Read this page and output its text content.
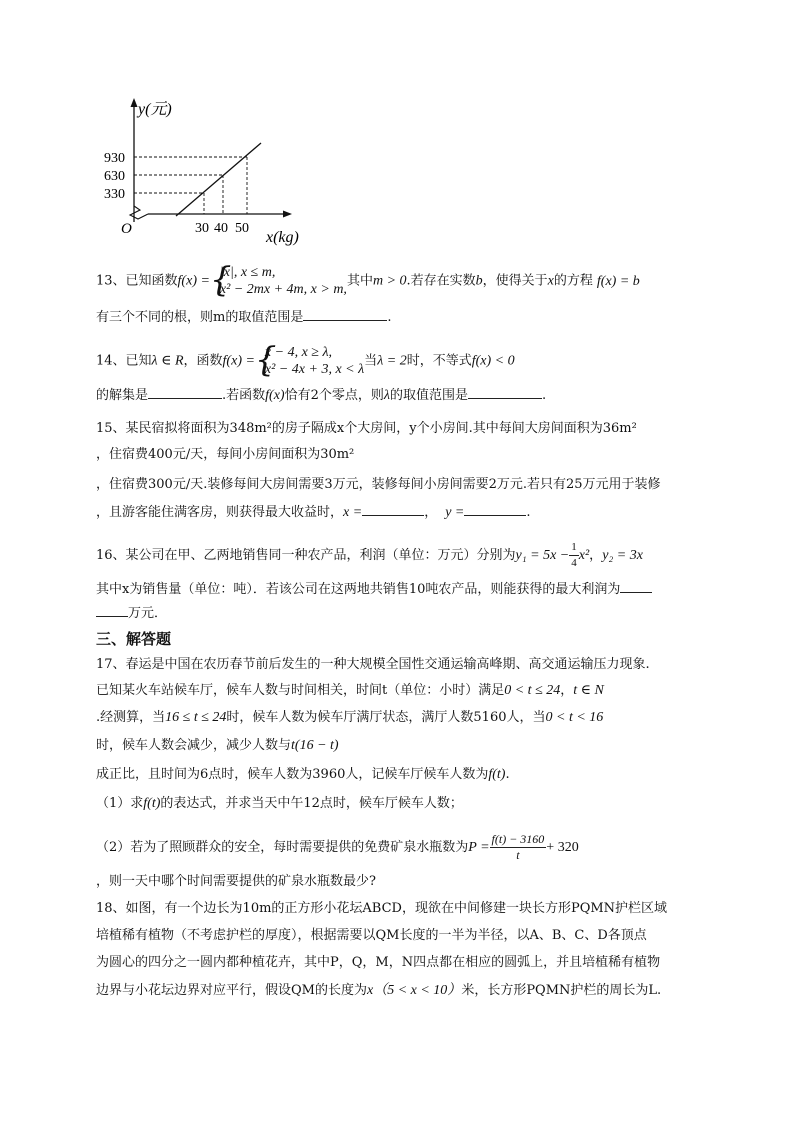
y(元)
930
630
330
O	30 40 50
x(kg)
13、已知函数f(x) = {
|x|, x ≤ m,
x² − 2mx + 4m, x > m,
其中m > 0.若存在实数b，使得关于x的方程 f(x) = b
有三个不同的根，则m的取值范围是	.
14、已知λ ∈ R，函数f(x) = {
x − 4, x ≥ λ,
x² − 4x + 3, x < λ
当λ = 2时，不等式f(x) < 0
的解集是	.若函数f(x)恰有2个零点，则λ的取值范围是	.
15、某民宿拟将面积为348m²的房子隔成x个大房间，y个小房间.其中每间大房间面积为36m²
，住宿费400元/天，每间小房间面积为30m²
，住宿费300元/天.装修每间大房间需要3万元，装修每间小房间需要2万元.若只有25万元用于装修
，且游客能住满客房，则获得最大收益时，x =	， y =	.
16、某公司在甲、乙两地销售同一种农产品，利润（单位：万元）分别为$y_1 = 5x - \frac{1}{4} x^2$，y₂ = 3x
其中x为销售量（单位：吨）．若该公司在这两地共销售10吨农产品，则能获得的最大利润为
万元．
三、解答题
17、春运是中国在农历春节前后发生的一种大规模全国性交通运输高峰期、高交通运输压力现象.
已知某火车站候车厅，候车人数与时间相关，时间t（单位：小时）满足0 < t ≤ 24，t ∈ N
.经测算，当16 ≤ t ≤ 24时，候车人数为候车厅满厅状态，满厅人数5160人，当0 < t < 16
时，候车人数会减少，减少人数与t(16 − t)
成正比，且时间为6点时，候车人数为3960人，记候车厅候车人数为f(t).
（1）求f(t)的表达式，并求当天中午12点时，候车厅候车人数；
（2）若为了照顾群众的安全，每时需要提供的免费矿泉水瓶数为$P = \frac{f(t) - 3160}{t} + 320$
，则一天中哪个时间需要提供的矿泉水瓶数最少?
18、如图，有一个边长为10m的正方形小花坛ABCD，现欲在中间修建一块长方形PQMN护栏区域
培植稀有植物（不考虑护栏的厚度），根据需要以QM长度的一半为半径，以A、B、C、D各顶点
为圆心的四分之一圆内都种植花卉，其中P，Q，M，N四点都在相应的圆弧上，并且培植稀有植物
边界与小花坛边界对应平行，假设QM的长度为x（5 < x < 10）米，长方形PQMN护栏的周长为L.
